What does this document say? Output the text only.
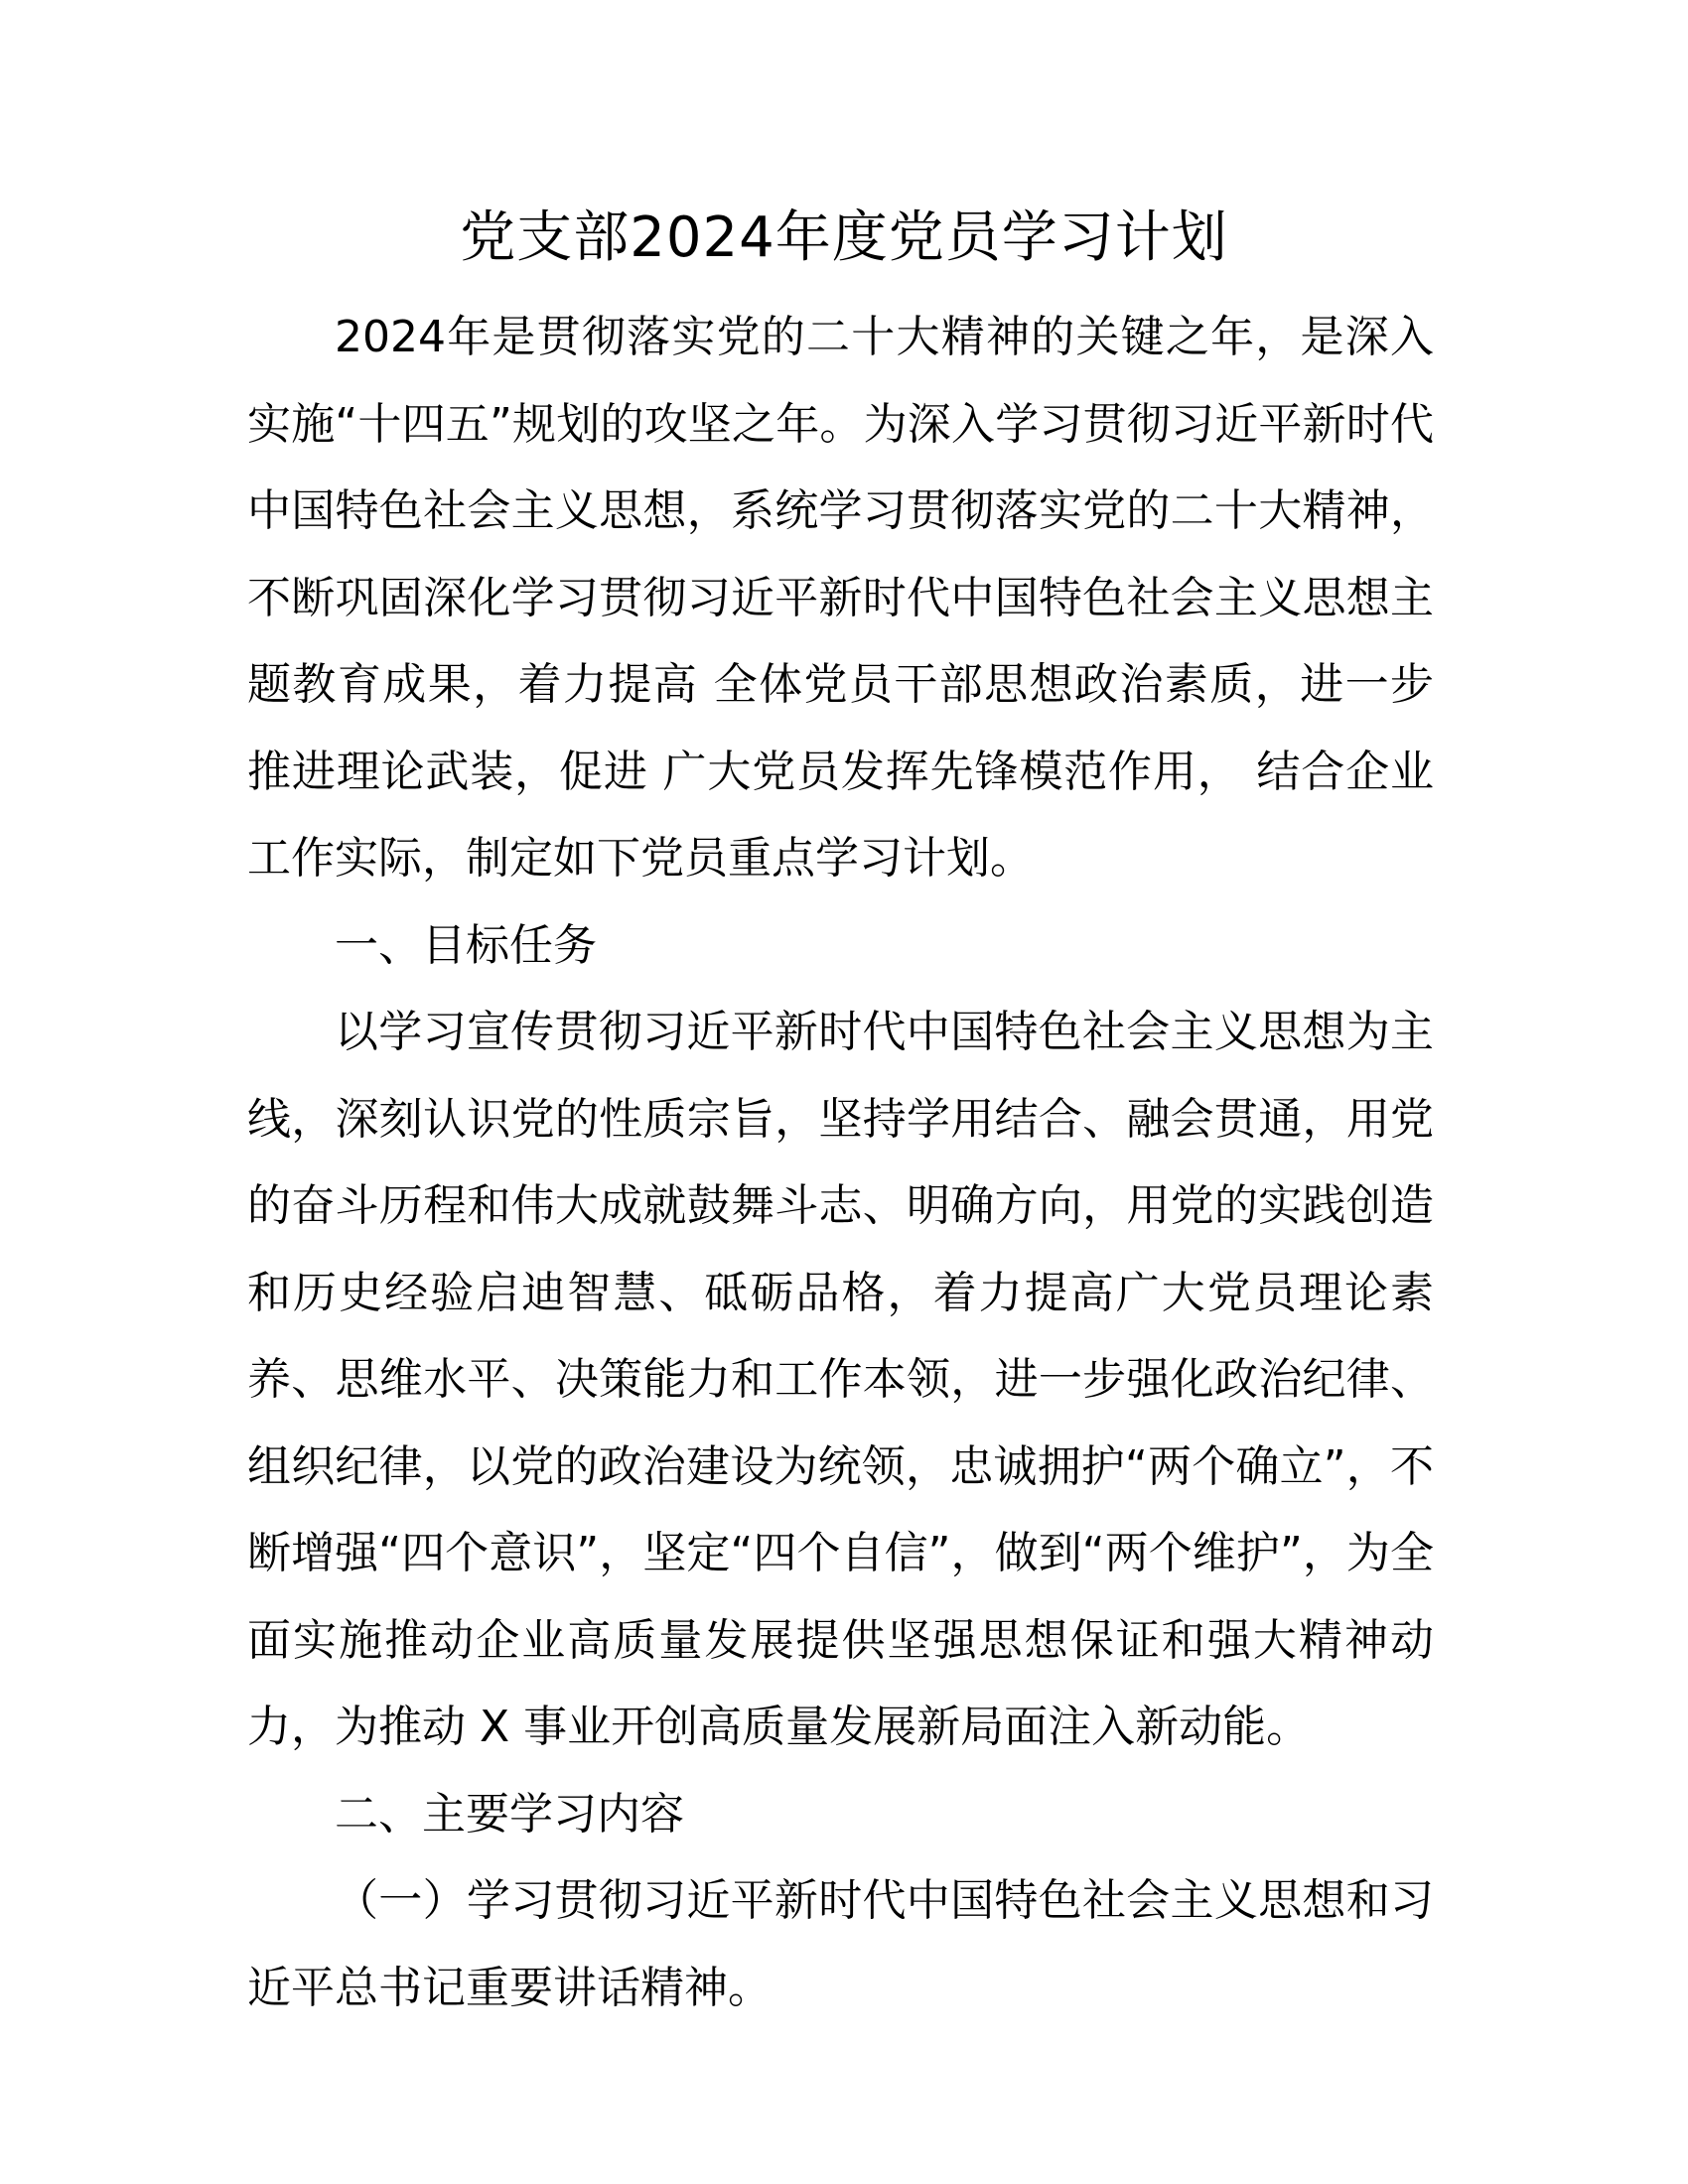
党支部2024年度党员学习计划

2024年是贯彻落实党的二十大精神的关键之年，是深入实施“十四五”规划的攻坚之年。为深入学习贯彻习近平新时代中国特色社会主义思想，系统学习贯彻落实党的二十大精神，不断巩固深化学习贯彻习近平新时代中国特色社会主义思想主题教育成果，着力提高 全体党员干部思想政治素质，进一步推进理论武装，促进 广大党员发挥先锋模范作用， 结合企业工作实际，制定如下党员重点学习计划。

一、目标任务

以学习宣传贯彻习近平新时代中国特色社会主义思想为主线，深刻认识党的性质宗旨，坚持学用结合、融会贯通，用党的奋斗历程和伟大成就鼓舞斗志、明确方向，用党的实践创造和历史经验启迪智慧、砥砺品格，着力提高广大党员理论素养、思维水平、决策能力和工作本领，进一步强化政治纪律、组织纪律，以党的政治建设为统领，忠诚拥护“两个确立”，不断增强“四个意识”，坚定“四个自信”，做到“两个维护”，为全面实施推动企业高质量发展提供坚强思想保证和强大精神动力，为推动 X 事业开创高质量发展新局面注入新动能。

二、主要学习内容

（一）学习贯彻习近平新时代中国特色社会主义思想和习近平总书记重要讲话精神。
